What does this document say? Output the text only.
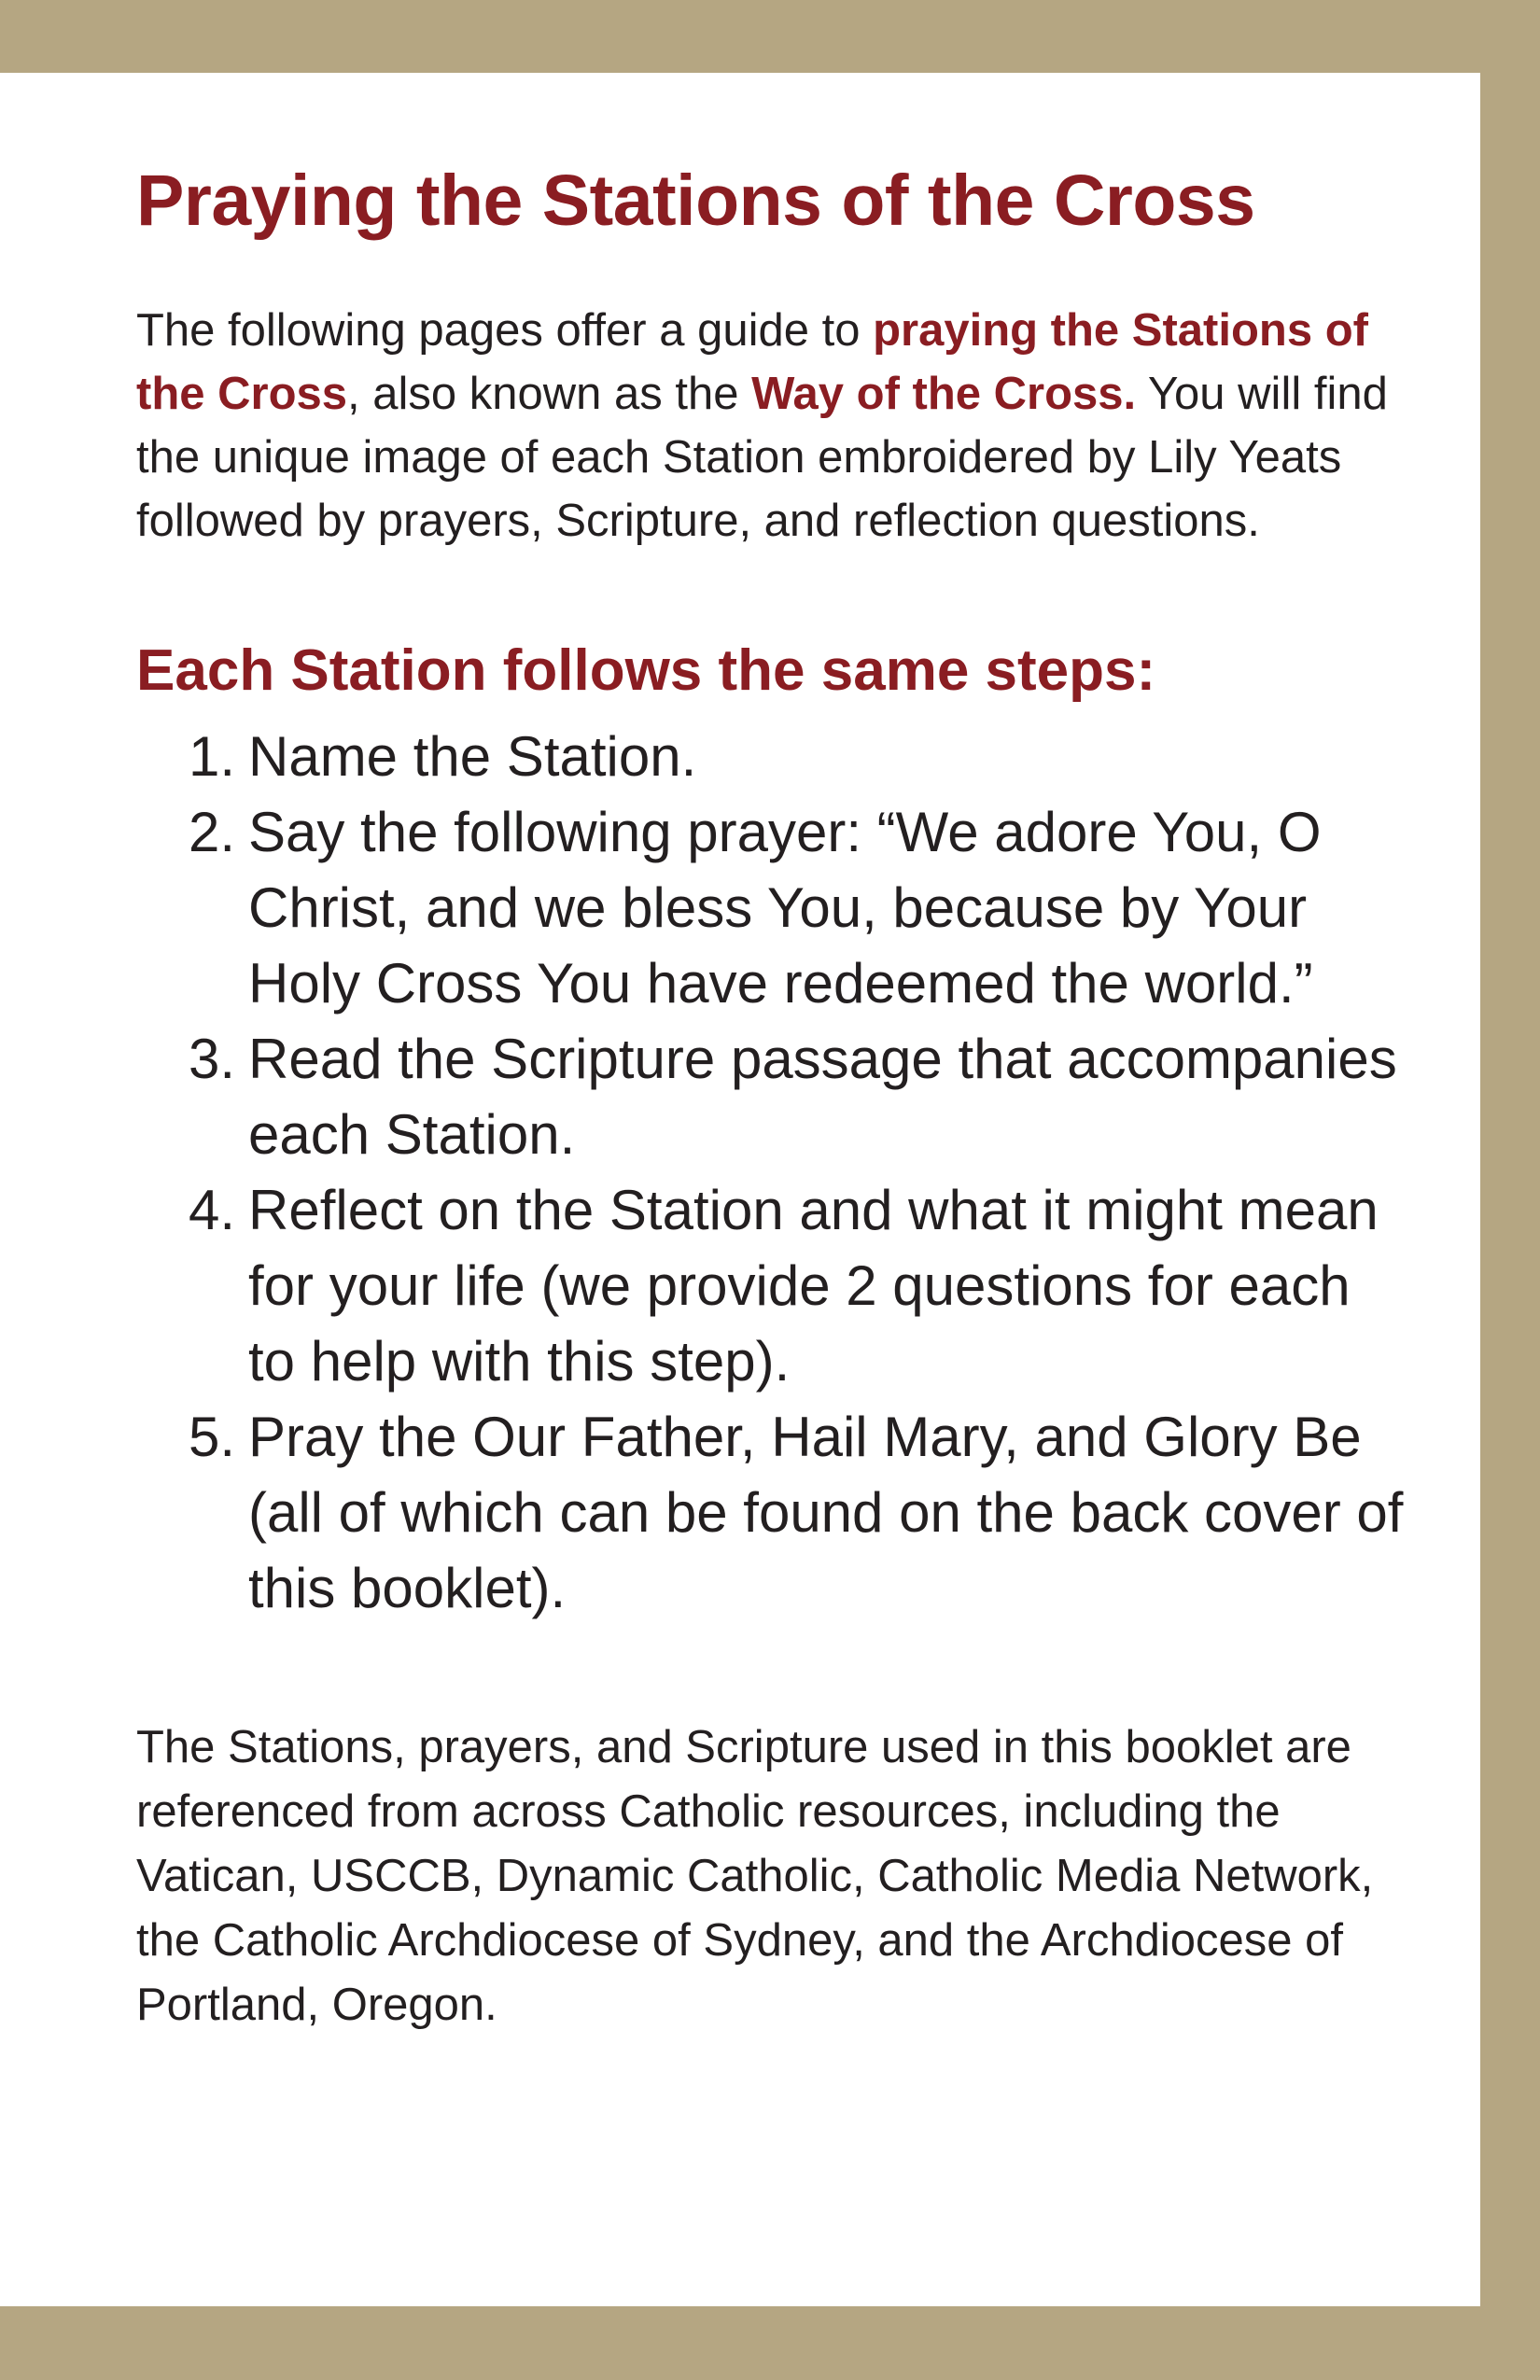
Praying the Stations of the Cross

The following pages offer a guide to praying the Stations of the Cross, also known as the Way of the Cross. You will find the unique image of each Station embroidered by Lily Yeats followed by prayers, Scripture, and reflection questions.

Each Station follows the same steps:
1. Name the Station.
2. Say the following prayer: “We adore You, O Christ, and we bless You, because by Your Holy Cross You have redeemed the world.”
3. Read the Scripture passage that accompanies each Station.
4. Reflect on the Station and what it might mean for your life (we provide 2 questions for each to help with this step).
5. Pray the Our Father, Hail Mary, and Glory Be (all of which can be found on the back cover of this booklet).

The Stations, prayers, and Scripture used in this booklet are referenced from across Catholic resources, including the Vatican, USCCB, Dynamic Catholic, Catholic Media Network, the Catholic Archdiocese of Sydney, and the Archdiocese of Portland, Oregon.
